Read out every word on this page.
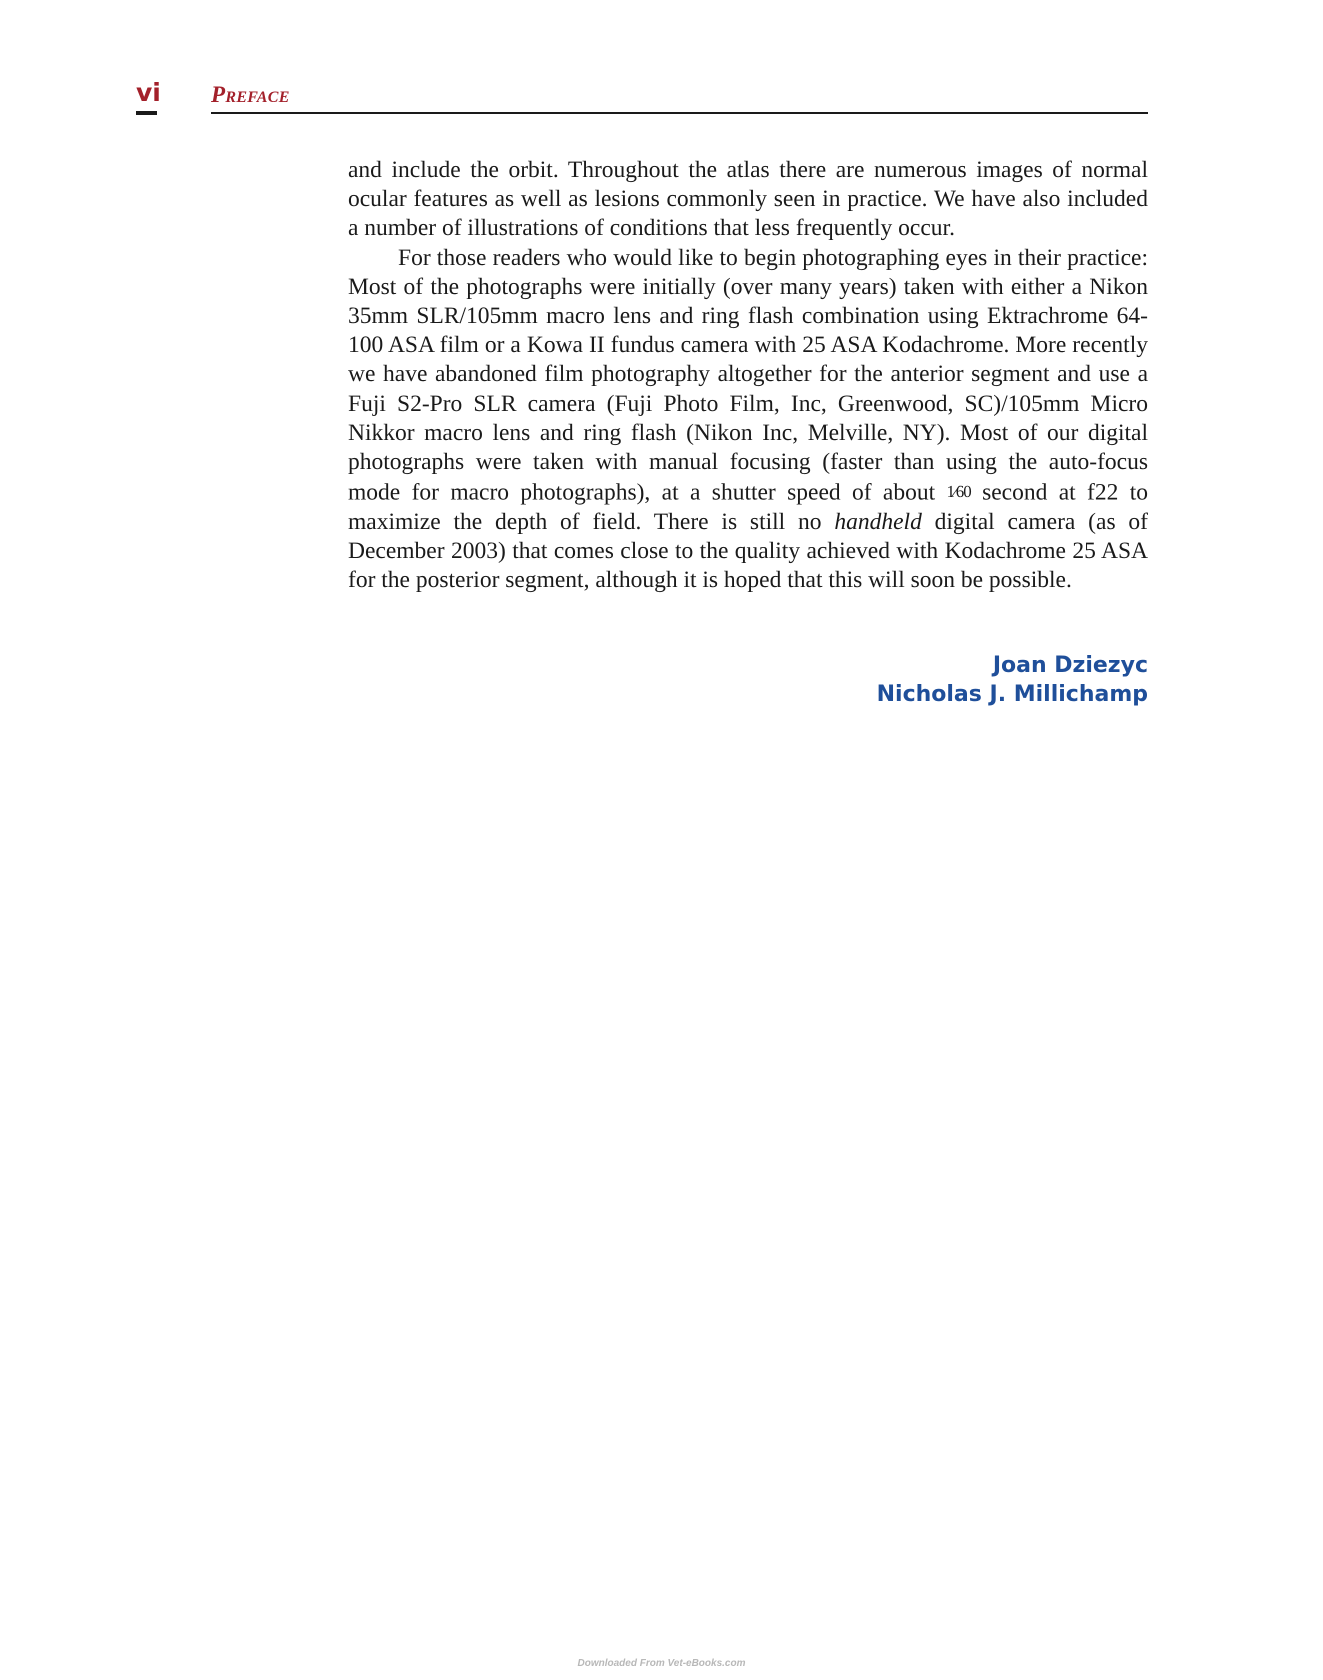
vi Preface

and include the orbit. Throughout the atlas there are numerous images of normal ocular features as well as lesions commonly seen in practice. We have also included a number of illustrations of conditions that less frequently occur.

For those readers who would like to begin photographing eyes in their practice: Most of the photographs were initially (over many years) taken with either a Nikon 35mm SLR/105mm macro lens and ring flash combination using Ektrachrome 64-100 ASA film or a Kowa II fundus camera with 25 ASA Kodachrome. More recently we have abandoned film photography altogether for the anterior segment and use a Fuji S2-Pro SLR camera (Fuji Photo Film, Inc, Greenwood, SC)/105mm Micro Nikkor macro lens and ring flash (Nikon Inc, Melville, NY). Most of our digital photographs were taken with manual focusing (faster than using the auto-focus mode for macro photographs), at a shutter speed of about 1⁄60 second at f22 to maximize the depth of field. There is still no handheld digital camera (as of December 2003) that comes close to the quality achieved with Kodachrome 25 ASA for the posterior segment, although it is hoped that this will soon be possible.

Joan Dziezyc
Nicholas J. Millichamp
Downloaded From Vet-eBooks.com
